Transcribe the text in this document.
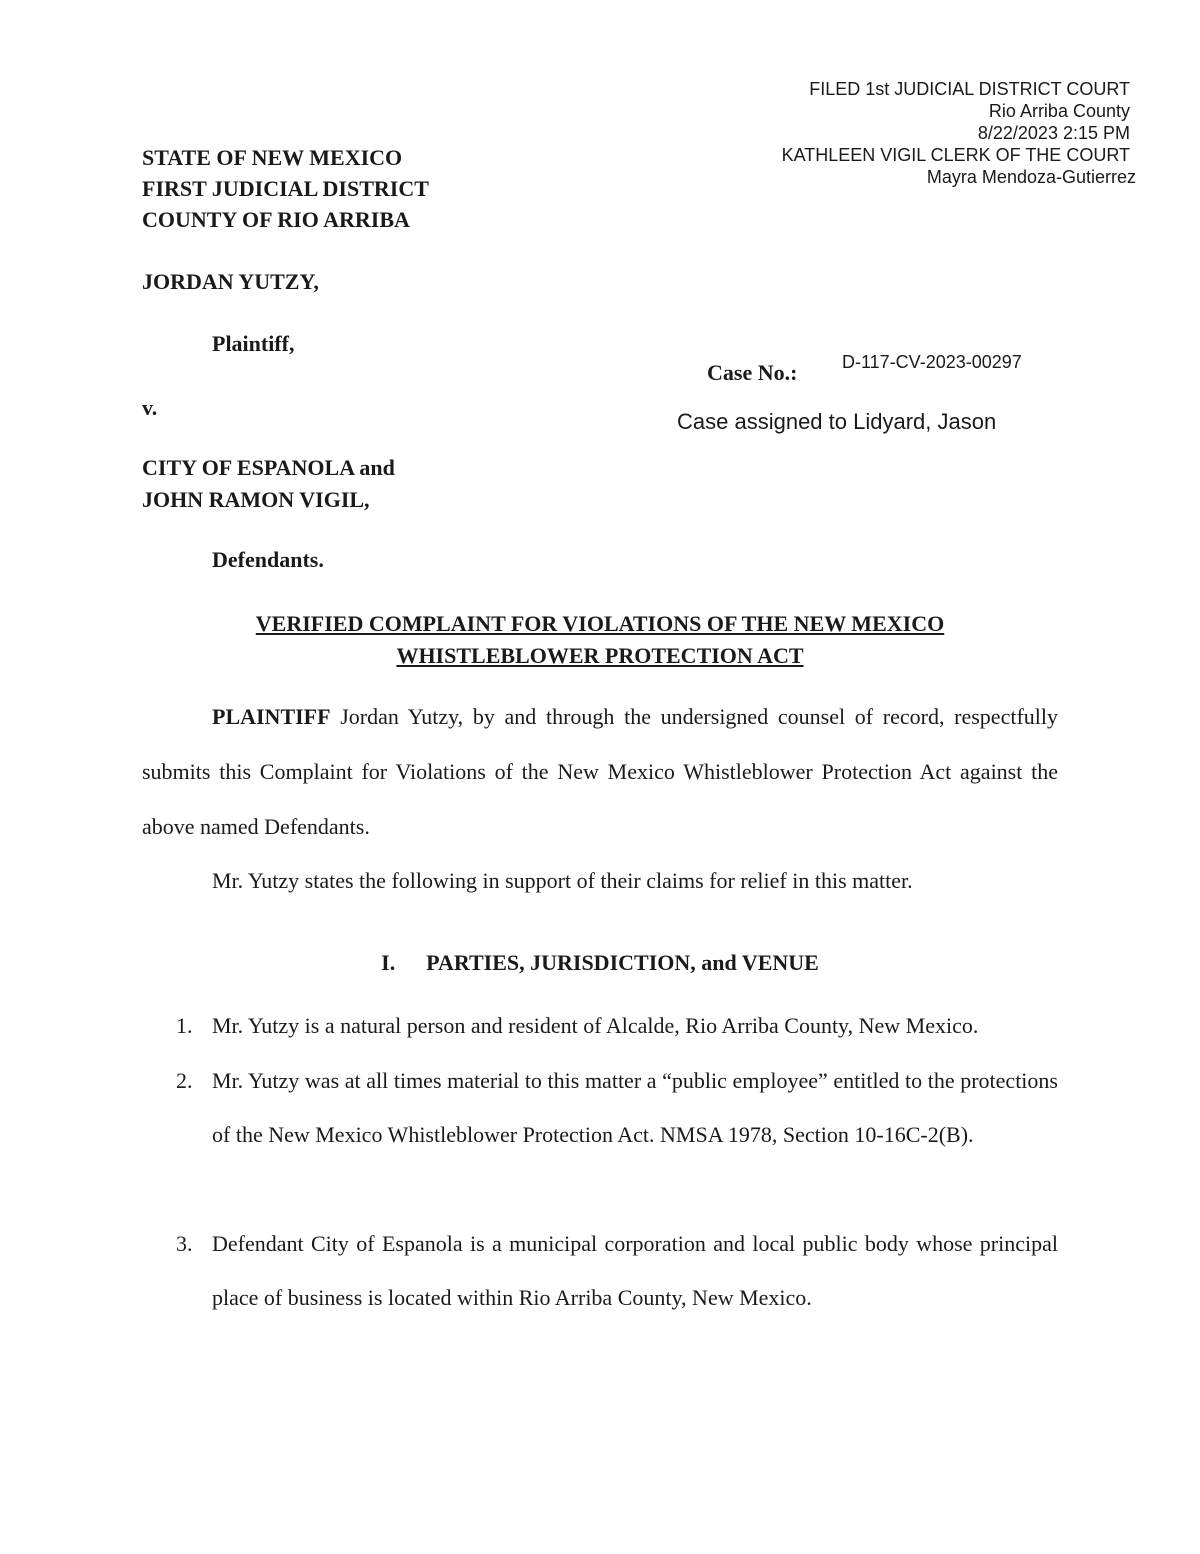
FILED 1st JUDICIAL DISTRICT COURT
Rio Arriba County
8/22/2023 2:15 PM
KATHLEEN VIGIL CLERK OF THE COURT
Mayra Mendoza-Gutierrez
STATE OF NEW MEXICO
FIRST JUDICIAL DISTRICT
COUNTY OF RIO ARRIBA
JORDAN YUTZY,
Plaintiff,
v.
Case No.: D-117-CV-2023-00297
Case assigned to Lidyard, Jason
CITY OF ESPANOLA and
JOHN RAMON VIGIL,
Defendants.
VERIFIED COMPLAINT FOR VIOLATIONS OF THE NEW MEXICO
WHISTLEBLOWER PROTECTION ACT
PLAINTIFF Jordan Yutzy, by and through the undersigned counsel of record, respectfully submits this Complaint for Violations of the New Mexico Whistleblower Protection Act against the above named Defendants.
Mr. Yutzy states the following in support of their claims for relief in this matter.
I. PARTIES, JURISDICTION, and VENUE
1. Mr. Yutzy is a natural person and resident of Alcalde, Rio Arriba County, New Mexico.
2. Mr. Yutzy was at all times material to this matter a “public employee” entitled to the protections of the New Mexico Whistleblower Protection Act. NMSA 1978, Section 10-16C-2(B).
3. Defendant City of Espanola is a municipal corporation and local public body whose principal place of business is located within Rio Arriba County, New Mexico.
